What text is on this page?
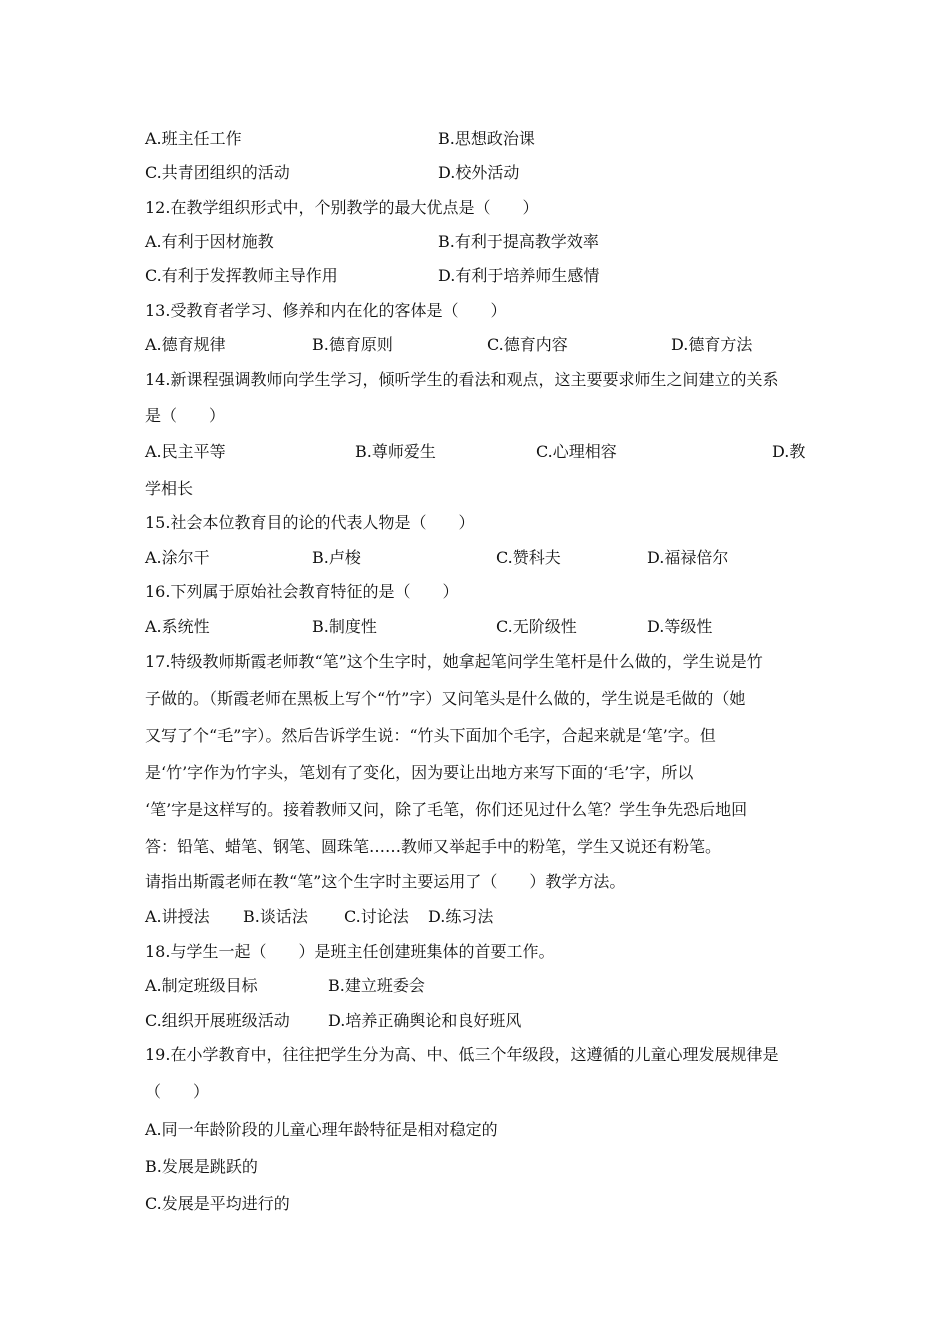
A.班主任工作	B.思想政治课
C.共青团组织的活动	D.校外活动
12.在教学组织形式中，个别教学的最大优点是（　　）
A.有利于因材施教	B.有利于提高教学效率
C.有利于发挥教师主导作用	D.有利于培养师生感情
13.受教育者学习、修养和内在化的客体是（　　）
A.德育规律	B.德育原则	C.德育内容	D.德育方法
14.新课程强调教师向学生学习，倾听学生的看法和观点，这主要要求师生之间建立的关系
是（　　）
A.民主平等	B.尊师爱生	C.心理相容	D.教
学相长
15.社会本位教育目的论的代表人物是（　　）
A.涂尔干	B.卢梭	C.赞科夫	D.福禄倍尔
16.下列属于原始社会教育特征的是（　　）
A.系统性	B.制度性	C.无阶级性	D.等级性
17.特级教师斯霞老师教“笔”这个生字时，她拿起笔问学生笔杆是什么做的，学生说是竹
子做的。（斯霞老师在黑板上写个“竹”字）又问笔头是什么做的，学生说是毛做的（她
又写了个“毛”字）。然后告诉学生说：“竹头下面加个毛字，合起来就是‘笔’字。但
是‘竹’字作为竹字头，笔划有了变化，因为要让出地方来写下面的‘毛’字，所以
‘笔’字是这样写的。接着教师又问，除了毛笔，你们还见过什么笔？学生争先恐后地回
答：铅笔、蜡笔、钢笔、圆珠笔……教师又举起手中的粉笔，学生又说还有粉笔。
请指出斯霞老师在教“笔”这个生字时主要运用了（　　）教学方法。
A.讲授法 B.谈话法 C.讨论法 D.练习法
18.与学生一起（　　）是班主任创建班集体的首要工作。
A.制定班级目标	B.建立班委会
C.组织开展班级活动 D.培养正确舆论和良好班风
19.在小学教育中，往往把学生分为高、中、低三个年级段，这遵循的儿童心理发展规律是
（　　）
A.同一年龄阶段的儿童心理年龄特征是相对稳定的
B.发展是跳跃的
C.发展是平均进行的
